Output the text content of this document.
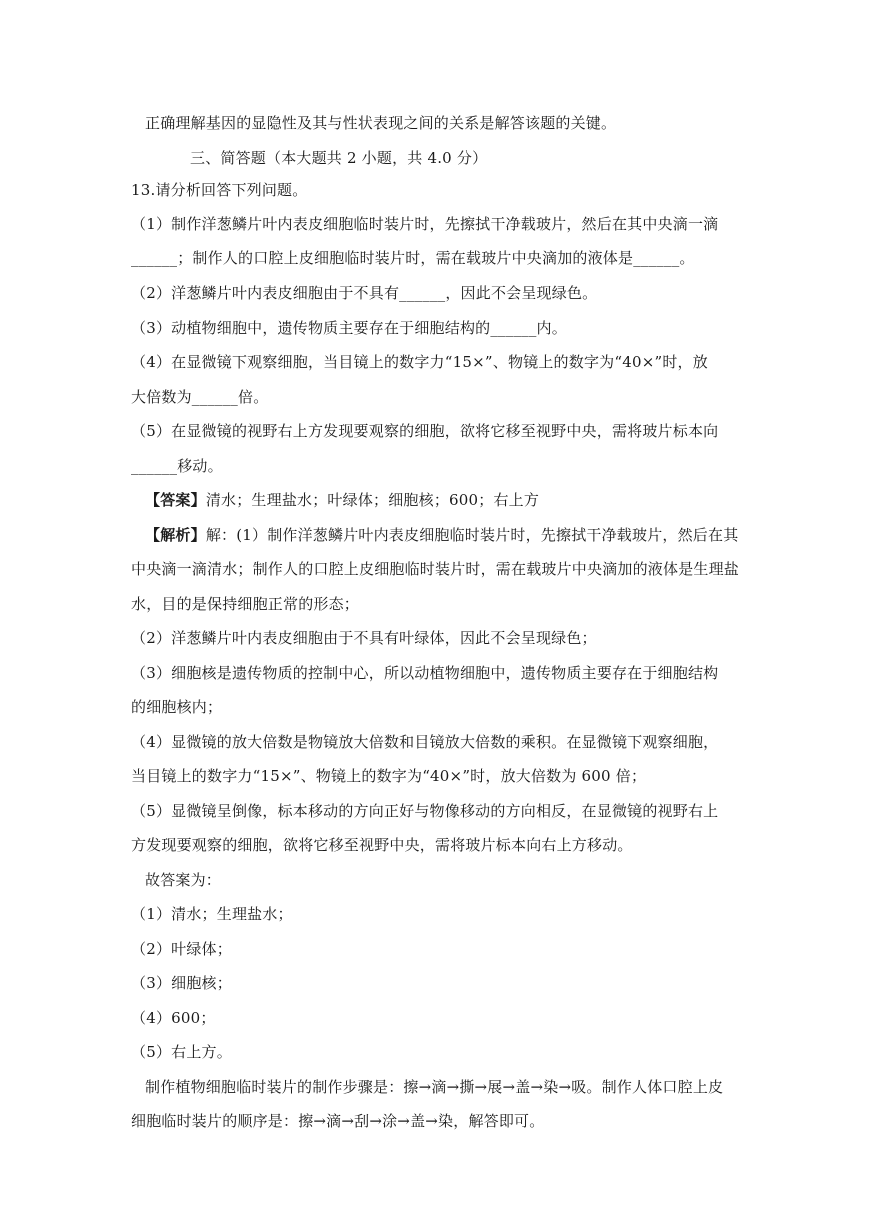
正确理解基因的显隐性及其与性状表现之间的关系是解答该题的关键。
三、简答题（本大题共 2 小题，共 4.0 分）
13.请分析回答下列问题。
（1）制作洋葱鳞片叶内表皮细胞临时装片时，先擦拭干净载玻片，然后在其中央滴一滴
______；制作人的口腔上皮细胞临时装片时，需在载玻片中央滴加的液体是______。
（2）洋葱鳞片叶内表皮细胞由于不具有______，因此不会呈现绿色。
（3）动植物细胞中，遗传物质主要存在于细胞结构的______内。
（4）在显微镜下观察细胞，当目镜上的数字力“15×”、物镜上的数字为“40×”时，放
大倍数为______倍。
（5）在显微镜的视野右上方发现要观察的细胞，欲将它移至视野中央，需将玻片标本向
______移动。
【答案】清水；生理盐水；叶绿体；细胞核；600；右上方
【解析】解：(1）制作洋葱鳞片叶内表皮细胞临时装片时，先擦拭干净载玻片，然后在其
中央滴一滴清水；制作人的口腔上皮细胞临时装片时，需在载玻片中央滴加的液体是生理盐
水，目的是保持细胞正常的形态；
（2）洋葱鳞片叶内表皮细胞由于不具有叶绿体，因此不会呈现绿色；
（3）细胞核是遗传物质的控制中心，所以动植物细胞中，遗传物质主要存在于细胞结构
的细胞核内；
（4）显微镜的放大倍数是物镜放大倍数和目镜放大倍数的乘积。在显微镜下观察细胞，
当目镜上的数字力“15×”、物镜上的数字为“40×”时，放大倍数为 600 倍；
（5）显微镜呈倒像，标本移动的方向正好与物像移动的方向相反，在显微镜的视野右上
方发现要观察的细胞，欲将它移至视野中央，需将玻片标本向右上方移动。
故答案为：
（1）清水；生理盐水；
（2）叶绿体；
（3）细胞核；
（4）600；
（5）右上方。
制作植物细胞临时装片的制作步骤是：擦→滴→撕→展→盖→染→吸。制作人体口腔上皮
细胞临时装片的顺序是：擦→滴→刮→涂→盖→染，解答即可。
